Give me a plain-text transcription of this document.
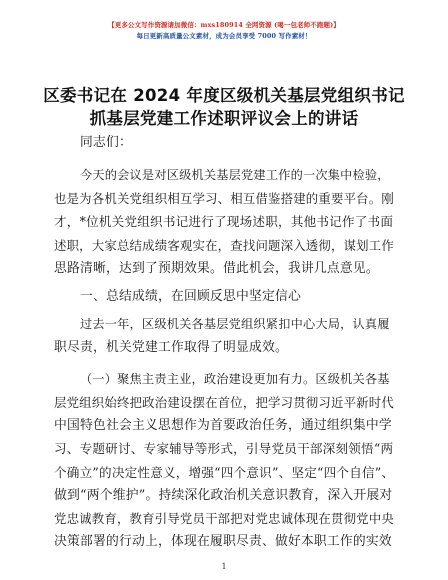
【更多公文写作资源请加微信：mxs180914 全网资源 (喝一包老师不跑题)】
每日更新高质量公文素材，成为会员享受 7000 写作素材！
区委书记在 2024 年度区级机关基层党组织书记
抓基层党建工作述职评议会上的讲话
同志们：
今天的会议是对区级机关基层党建工作的一次集中检验，
也是为各机关党组织相互学习、相互借鉴搭建的重要平台。刚
才，*位机关党组织书记进行了现场述职，其他书记作了书面
述职，大家总结成绩客观实在，查找问题深入透彻，谋划工作
思路清晰，达到了预期效果。借此机会，我讲几点意见。
一、总结成绩，在回顾反思中坚定信心
过去一年，区级机关各基层党组织紧扣中心大局，认真履
职尽责，机关党建工作取得了明显成效。
（一）聚焦主责主业，政治建设更加有力。区级机关各基
层党组织始终把政治建设摆在首位，把学习贯彻习近平新时代
中国特色社会主义思想作为首要政治任务，通过组织集中学
习、专题研讨、专家辅导等形式，引导党员干部深刻领悟“两
个确立”的决定性意义，增强“四个意识”、坚定“四个自信”、
做到“两个维护”。持续深化政治机关意识教育，深入开展对
党忠诚教育，教育引导党员干部把对党忠诚体现在贯彻党中央
决策部署的行动上，体现在履职尽责、做好本职工作的实效
1
